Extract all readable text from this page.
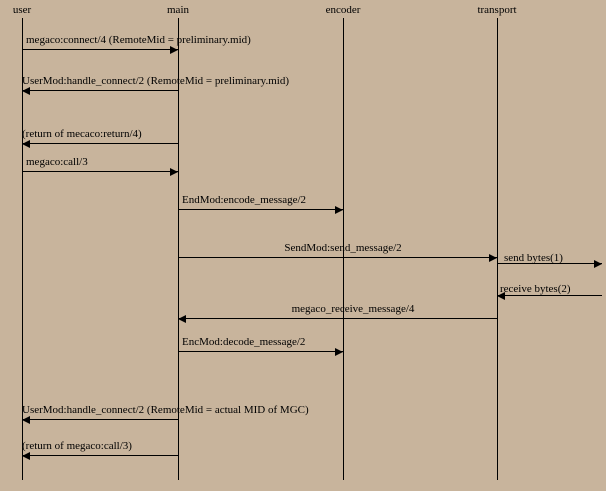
user	main	encoder	transport
megaco:connect/4 (RemoteMid = preliminary.mid)
UserMod:handle_connect/2 (RemoteMid = preliminary.mid)
(return of mecaco:return/4)
megaco:call/3
EndMod:encode_message/2
SendMod:send_message/2
send bytes(1)
receive bytes(2)
megaco_receive_message/4
EncMod:decode_message/2
UserMod:handle_connect/2 (RemoteMid = actual MID of MGC)
(return of megaco:call/3)
